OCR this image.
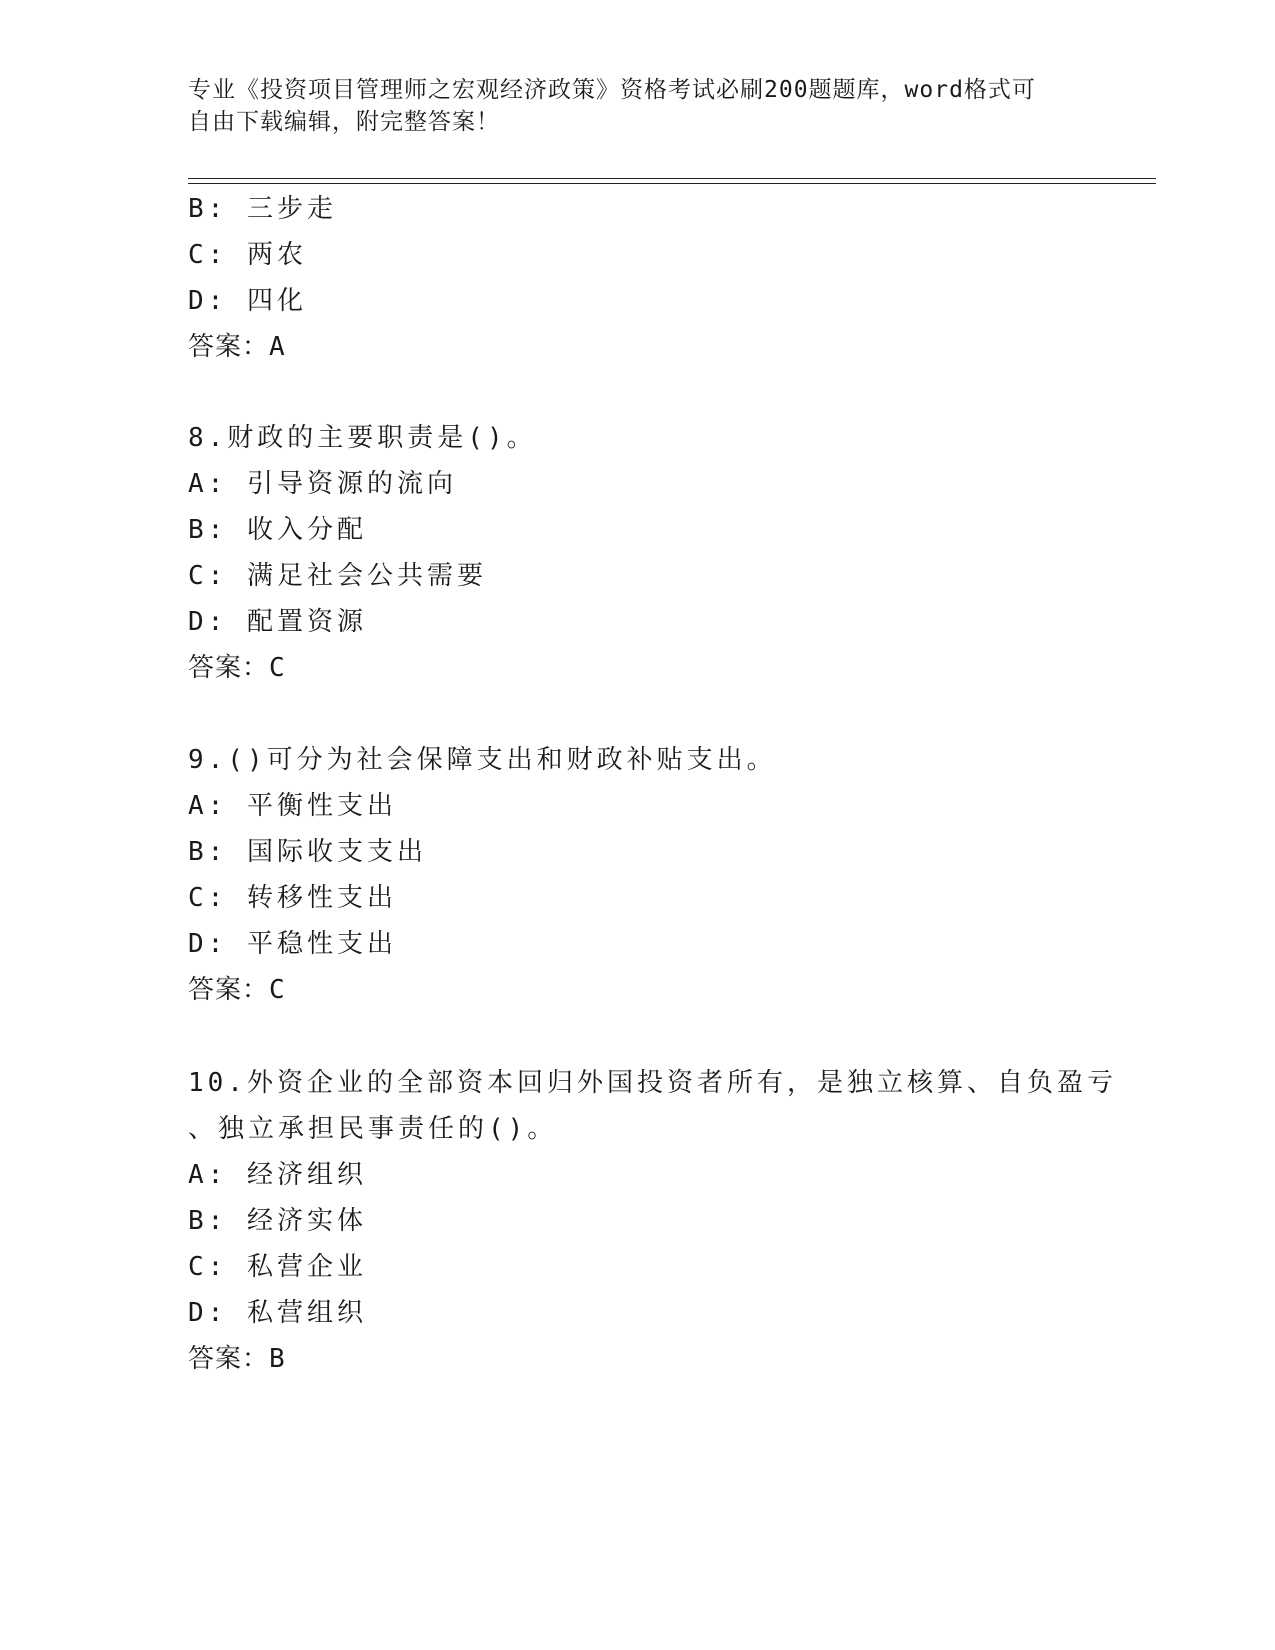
专业《投资项目管理师之宏观经济政策》资格考试必刷200题题库，word格式可
自由下载编辑，附完整答案！
B: 三步走
C: 两农
D: 四化
答案：A
8.财政的主要职责是()。
A: 引导资源的流向
B: 收入分配
C: 满足社会公共需要
D: 配置资源
答案：C
9.()可分为社会保障支出和财政补贴支出。
A: 平衡性支出
B: 国际收支支出
C: 转移性支出
D: 平稳性支出
答案：C
10.外资企业的全部资本回归外国投资者所有，是独立核算、自负盈亏
、独立承担民事责任的()。
A: 经济组织
B: 经济实体
C: 私营企业
D: 私营组织
答案：B
